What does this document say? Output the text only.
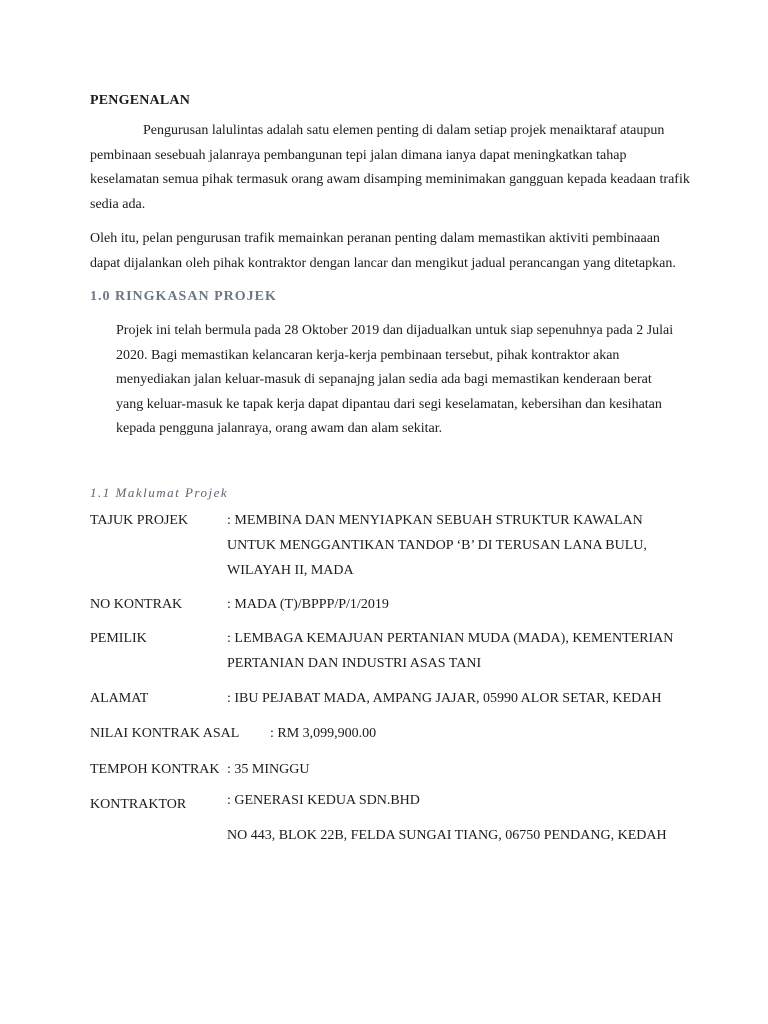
PENGENALAN

Pengurusan lalulintas adalah satu elemen penting di dalam setiap projek menaiktaraf ataupun pembinaan sesebuah jalanraya pembangunan tepi jalan dimana ianya dapat meningkatkan tahap keselamatan semua pihak termasuk orang awam disamping meminimakan gangguan kepada keadaan trafik sedia ada.

Oleh itu, pelan pengurusan trafik memainkan peranan penting dalam memastikan aktiviti pembinaaan dapat dijalankan oleh pihak kontraktor dengan lancar dan mengikut jadual perancangan yang ditetapkan.

1.0 RINGKASAN PROJEK

Projek ini telah bermula pada 28 Oktober 2019 dan dijadualkan untuk siap sepenuhnya pada 2 Julai 2020. Bagi memastikan kelancaran kerja-kerja pembinaan tersebut, pihak kontraktor akan menyediakan jalan keluar-masuk di sepanajng jalan sedia ada bagi memastikan kenderaan berat yang keluar-masuk ke tapak kerja dapat dipantau dari segi keselamatan, kebersihan dan kesihatan kepada pengguna jalanraya, orang awam dan alam sekitar.

1.1 Maklumat Projek
TAJUK PROJEK	: MEMBINA DAN MENYIAPKAN SEBUAH STRUKTUR KAWALAN
UNTUK MENGGANTIKAN TANDOP ‘B’ DI TERUSAN LANA BULU,
WILAYAH II, MADA
NO KONTRAK	: MADA (T)/BPPP/P/1/2019
PEMILIK	: LEMBAGA KEMAJUAN PERTANIAN MUDA (MADA), KEMENTERIAN
PERTANIAN DAN INDUSTRI ASAS TANI
ALAMAT	: IBU PEJABAT MADA, AMPANG JAJAR, 05990 ALOR SETAR, KEDAH
NILAI KONTRAK ASAL : RM 3,099,900.00
TEMPOH KONTRAK : 35 MINGGU
KONTRAKTOR	: GENERASI KEDUA SDN.BHD

NO 443, BLOK 22B, FELDA SUNGAI TIANG, 06750 PENDANG, KEDAH
